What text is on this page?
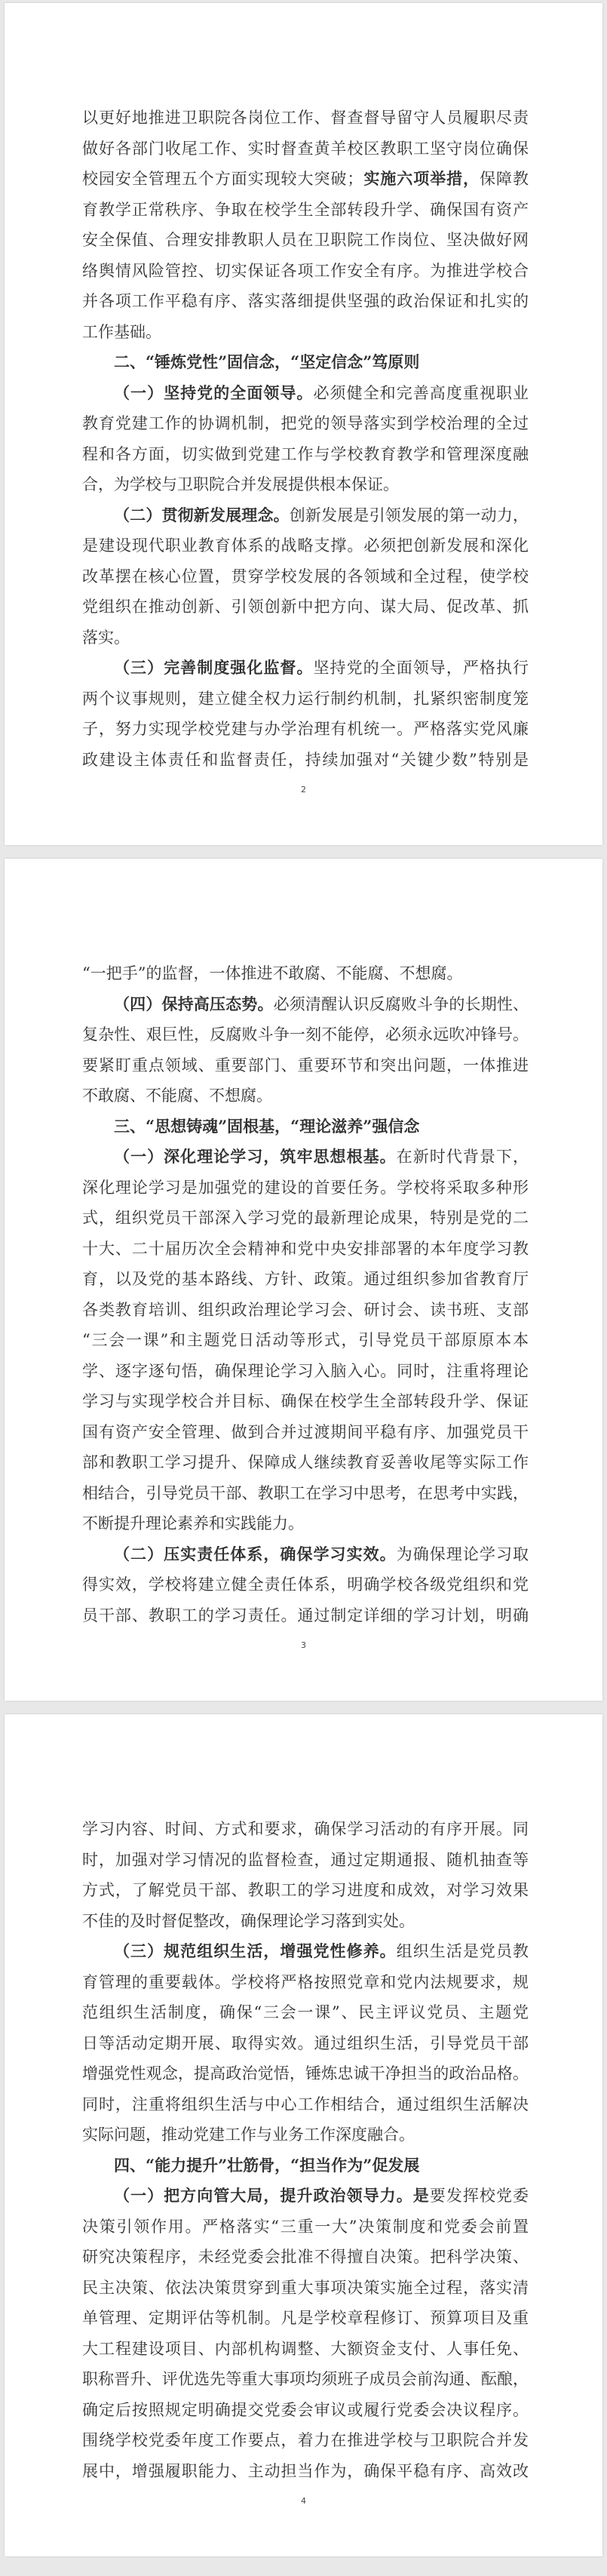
以更好地推进卫职院各岗位工作、督查督导留守人员履职尽责
做好各部门收尾工作、实时督查黄羊校区教职工坚守岗位确保
校园安全管理五个方面实现较大突破；实施六项举措，保障教
育教学正常秩序、争取在校学生全部转段升学、确保国有资产
安全保值、合理安排教职人员在卫职院工作岗位、坚决做好网
络舆情风险管控、切实保证各项工作安全有序。为推进学校合
并各项工作平稳有序、落实落细提供坚强的政治保证和扎实的
工作基础。
二、“锤炼党性”固信念，“坚定信念”笃原则
（一）坚持党的全面领导。必须健全和完善高度重视职业
教育党建工作的协调机制，把党的领导落实到学校治理的全过
程和各方面，切实做到党建工作与学校教育教学和管理深度融
合，为学校与卫职院合并发展提供根本保证。
（二）贯彻新发展理念。创新发展是引领发展的第一动力，
是建设现代职业教育体系的战略支撑。必须把创新发展和深化
改革摆在核心位置，贯穿学校发展的各领域和全过程，使学校
党组织在推动创新、引领创新中把方向、谋大局、促改革、抓
落实。
（三）完善制度强化监督。坚持党的全面领导，严格执行
两个议事规则，建立健全权力运行制约机制，扎紧织密制度笼
子，努力实现学校党建与办学治理有机统一。严格落实党风廉
政建设主体责任和监督责任，持续加强对“关键少数”特别是
2
“一把手”的监督，一体推进不敢腐、不能腐、不想腐。
（四）保持高压态势。必须清醒认识反腐败斗争的长期性、
复杂性、艰巨性，反腐败斗争一刻不能停，必须永远吹冲锋号。
要紧盯重点领域、重要部门、重要环节和突出问题，一体推进
不敢腐、不能腐、不想腐。
三、“思想铸魂”固根基，“理论滋养”强信念
（一）深化理论学习，筑牢思想根基。在新时代背景下，
深化理论学习是加强党的建设的首要任务。学校将采取多种形
式，组织党员干部深入学习党的最新理论成果，特别是党的二
十大、二十届历次全会精神和党中央安排部署的本年度学习教
育，以及党的基本路线、方针、政策。通过组织参加省教育厅
各类教育培训、组织政治理论学习会、研讨会、读书班、支部
“三会一课”和主题党日活动等形式，引导党员干部原原本本
学、逐字逐句悟，确保理论学习入脑入心。同时，注重将理论
学习与实现学校合并目标、确保在校学生全部转段升学、保证
国有资产安全管理、做到合并过渡期间平稳有序、加强党员干
部和教职工学习提升、保障成人继续教育妥善收尾等实际工作
相结合，引导党员干部、教职工在学习中思考，在思考中实践，
不断提升理论素养和实践能力。
（二）压实责任体系，确保学习实效。为确保理论学习取
得实效，学校将建立健全责任体系，明确学校各级党组织和党
员干部、教职工的学习责任。通过制定详细的学习计划，明确
3
学习内容、时间、方式和要求，确保学习活动的有序开展。同
时，加强对学习情况的监督检查，通过定期通报、随机抽查等
方式，了解党员干部、教职工的学习进度和成效，对学习效果
不佳的及时督促整改，确保理论学习落到实处。
（三）规范组织生活，增强党性修养。组织生活是党员教
育管理的重要载体。学校将严格按照党章和党内法规要求，规
范组织生活制度，确保“三会一课”、民主评议党员、主题党
日等活动定期开展、取得实效。通过组织生活，引导党员干部
增强党性观念，提高政治觉悟，锤炼忠诚干净担当的政治品格。
同时，注重将组织生活与中心工作相结合，通过组织生活解决
实际问题，推动党建工作与业务工作深度融合。
四、“能力提升”壮筋骨，“担当作为”促发展
（一）把方向管大局，提升政治领导力。是要发挥校党委
决策引领作用。严格落实“三重一大”决策制度和党委会前置
研究决策程序，未经党委会批准不得擅自决策。把科学决策、
民主决策、依法决策贯穿到重大事项决策实施全过程，落实清
单管理、定期评估等机制。凡是学校章程修订、预算项目及重
大工程建设项目、内部机构调整、大额资金支付、人事任免、
职称晋升、评优选先等重大事项均须班子成员会前沟通、酝酿，
确定后按照规定明确提交党委会审议或履行党委会决议程序。
围绕学校党委年度工作要点，着力在推进学校与卫职院合并发
展中，增强履职能力、主动担当作为，确保平稳有序、高效改
4
